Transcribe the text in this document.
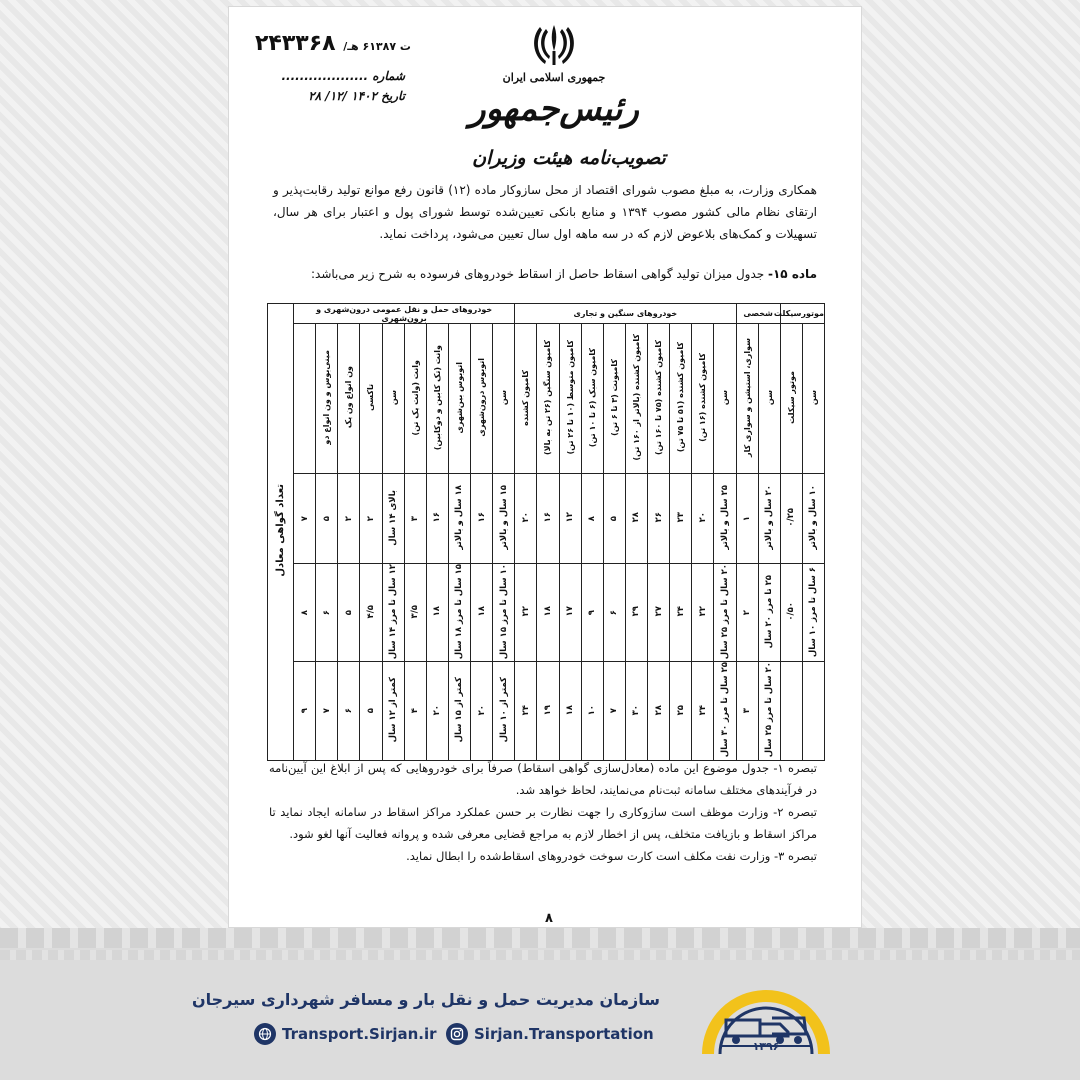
ت ۶۱۳۸۷ هـ/ ۲۴۳۳۶۸
شماره ...................
تاریخ ۱۴۰۲ /۱۲/ ۲۸
جمهوری اسلامی ایران
رئیس‌جمهور
تصویب‌نامه هیئت وزیران

همکاری وزارت، به مبلغ مصوب شورای اقتصاد از محل سازوکار ماده (۱۲) قانون رفع موانع تولید رقابت‌پذیر و ارتقای نظام مالی کشور مصوب ۱۳۹۴ و منابع بانکی تعیین‌شده توسط شورای پول و اعتبار برای هر سال، تسهیلات و کمک‌های بلاعوض لازم که در سه ماهه اول سال تعیین می‌شود، پرداخت نماید.

ماده ۱۵- جدول میزان تولید گواهی اسقاط حاصل از اسقاط خودروهای فرسوده به شرح زیر می‌باشد:

موتورسیکلت		شخصی		خودروهای سنگین و تجاری										خودروهای حمل و نقل عمومی درون‌شهری و برون‌شهری										تعداد گواهی معادل
سن	موتور سیکلت	سن	سواری، استیشن و سواری کار	سن	کامیون کشنده (۱۶ تن)	کامیون کشنده (۵۱ تا ۷۵ تن)	کامیون کشنده (۷۵ تا ۱۶۰ تن)	کامیون کشنده (بالاتر از ۱۶۰ تن)	کامیونت (۳ تا ۶ تن)	کامیون سبک (۶ تا ۱۰ تن)	کامیون متوسط (۱۰ تا ۲۶ تن)	کامیون سنگین (۲۶ تن به بالا)	کامیون کشنده	سن	اتوبوس درون‌شهری	اتوبوس بین‌شهری	وانت (تک کابین و دوکابین)	وانت (وانت یک تن)	سن	تاکسی	ون انواع ون یک	مینی‌بوس و ون انواع دو		
۱۰ سال و بالاتر	۰/۲۵	۲۰ سال و بالاتر	۱	۲۵ سال و بالاتر	۲۰	۲۳	۲۶	۲۸	۵	۸	۱۲	۱۶	۲۰	۱۵ سال و بالاتر	۱۶	۱۸ سال و بالاتر	۱۶	۳	بالای ۱۴ سال	۲	۲	۵	۷	
۶ سال تا مرز ۱۰ سال	۰/۵۰	۲۵ تا مرز ۲۰ سال	۲	۲۰ سال تا مرز ۲۵ سال	۲۲	۲۴	۲۷	۲۹	۶	۹	۱۷	۱۸	۲۲	۱۰ سال تا مرز ۱۵ سال	۱۸	۱۵ سال تا مرز ۱۸ سال	۱۸	۳/۵	۱۲ سال تا مرز ۱۴ سال	۴/۵	۵	۶	۸	
		۲۰ سال تا مرز ۲۵ سال	۳	۲۵ سال تا مرز ۳۰ سال	۲۴	۲۵	۲۸	۳۰	۷	۱۰	۱۸	۱۹	۲۴	کمتر از ۱۰ سال	۲۰	کمتر از ۱۵ سال	۲۰	۴	کمتر از ۱۲ سال	۵	۶	۷	۹	

تبصره ۱- جدول موضوع این ماده (معادل‌سازی گواهی اسقاط) صرفاً برای خودروهایی که پس از ابلاغ این آیین‌نامه در فرآیندهای مختلف سامانه ثبت‌نام می‌نمایند، لحاظ خواهد شد.

تبصره ۲- وزارت موظف است سازوکاری را جهت نظارت بر حسن عملکرد مراکز اسقاط در سامانه ایجاد نماید تا مراکز اسقاط و بازیافت متخلف، پس از اخطار لازم به مراجع قضایی معرفی شده و پروانه فعالیت آنها لغو شود.

تبصره ۳- وزارت نفت مکلف است کارت سوخت خودروهای اسقاط‌شده را ابطال نماید.

۸
سازمان مدیریت حمل و نقل بار و مسافر شهرداری سیرجان
Sirjan.Transportation
Transport.Sirjan.ir
۱۳۹۶
